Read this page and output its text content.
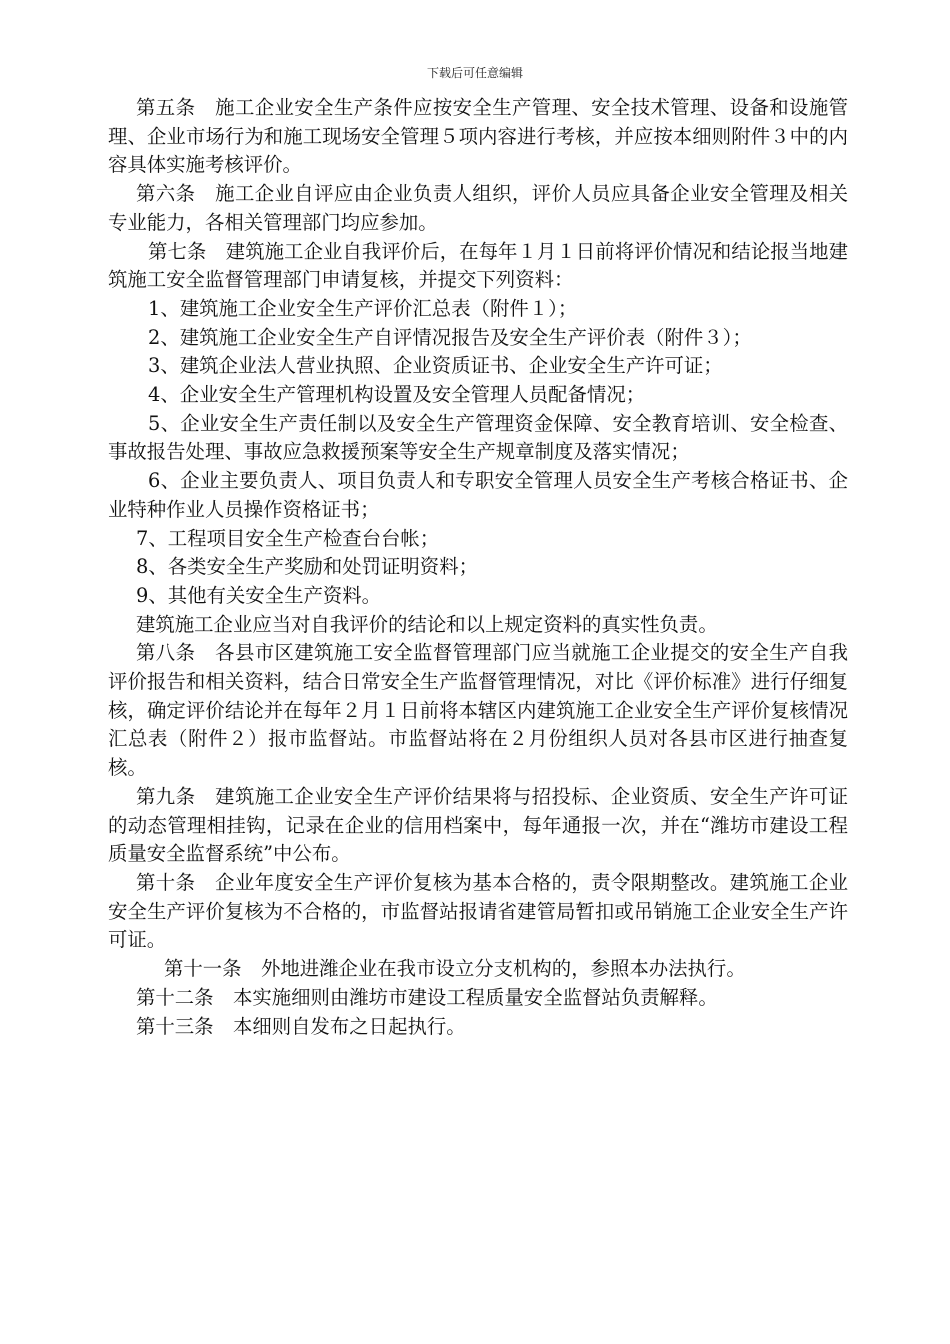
下载后可任意编辑

第五条　施工企业安全生产条件应按安全生产管理、安全技术管理、设备和设施管理、企业市场行为和施工现场安全管理５项内容进行考核，并应按本细则附件３中的内容具体实施考核评价。

第六条　施工企业自评应由企业负责人组织，评价人员应具备企业安全管理及相关专业能力，各相关管理部门均应参加。

第七条　建筑施工企业自我评价后，在每年１月１日前将评价情况和结论报当地建筑施工安全监督管理部门申请复核，并提交下列资料：

1、建筑施工企业安全生产评价汇总表（附件１）；

2、建筑施工企业安全生产自评情况报告及安全生产评价表（附件３）；

3、建筑企业法人营业执照、企业资质证书、企业安全生产许可证；

4、企业安全生产管理机构设置及安全管理人员配备情况；

5、企业安全生产责任制以及安全生产管理资金保障、安全教育培训、安全检查、事故报告处理、事故应急救援预案等安全生产规章制度及落实情况；

6、企业主要负责人、项目负责人和专职安全管理人员安全生产考核合格证书、企业特种作业人员操作资格证书；

7、工程项目安全生产检查台台帐；

8、各类安全生产奖励和处罚证明资料；

9、其他有关安全生产资料。

建筑施工企业应当对自我评价的结论和以上规定资料的真实性负责。

第八条　各县市区建筑施工安全监督管理部门应当就施工企业提交的安全生产自我评价报告和相关资料，结合日常安全生产监督管理情况，对比《评价标准》进行仔细复核，确定评价结论并在每年２月１日前将本辖区内建筑施工企业安全生产评价复核情况汇总表（附件２）报市监督站。市监督站将在２月份组织人员对各县市区进行抽查复核。

第九条　建筑施工企业安全生产评价结果将与招投标、企业资质、安全生产许可证的动态管理相挂钩，记录在企业的信用档案中，每年通报一次，并在“潍坊市建设工程质量安全监督系统”中公布。

第十条　企业年度安全生产评价复核为基本合格的，责令限期整改。建筑施工企业安全生产评价复核为不合格的，市监督站报请省建管局暂扣或吊销施工企业安全生产许可证。

第十一条　外地进潍企业在我市设立分支机构的，参照本办法执行。

第十二条　本实施细则由潍坊市建设工程质量安全监督站负责解释。

第十三条　本细则自发布之日起执行。
